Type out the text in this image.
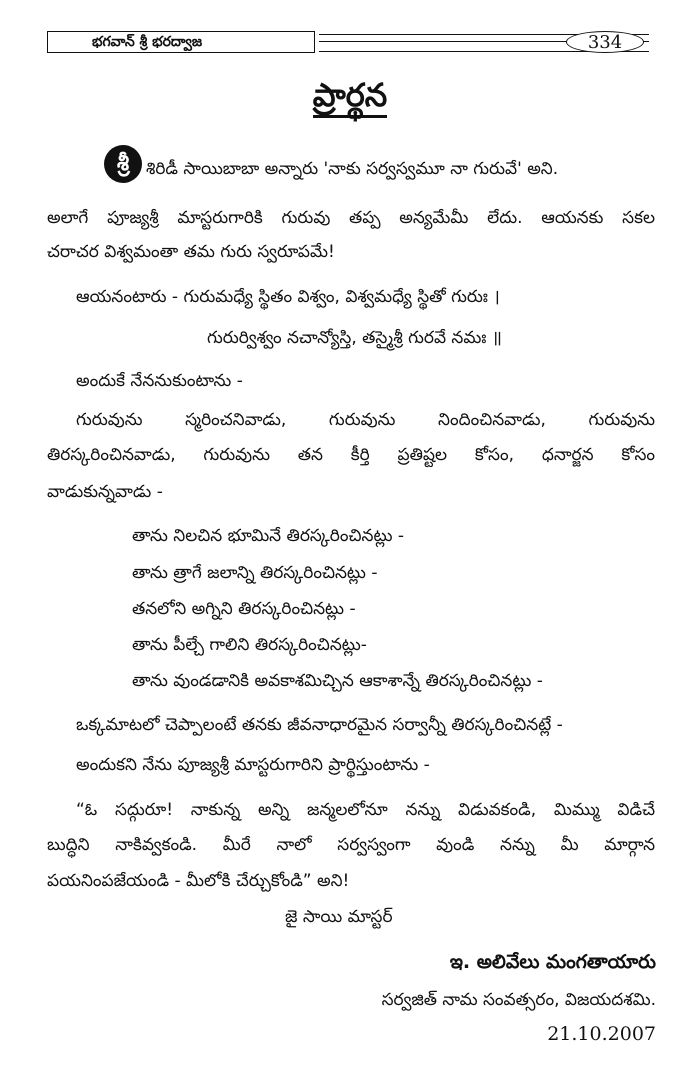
భగవాన్ శ్రీ భరద్వాజ	334
ప్రార్థన
శ్రీ శిరిడీ సాయిబాబా అన్నారు 'నాకు సర్వస్వమూ నా గురువే' అని.
అలాగే పూజ్యశ్రీ మాస్టరుగారికి గురువు తప్ప అన్యమేమీ లేదు. ఆయనకు సకల
చరాచర విశ్వమంతా తమ గురు స్వరూపమే!
ఆయనంటారు - గురుమధ్యే స్థితం విశ్వం, విశ్వమధ్యే స్థితో గురుః ।
గురుర్విశ్వం నచాన్యోస్తి, తస్మైశ్రీ గురవే నమః ॥
అందుకే నేననుకుంటాను -
గురువును స్మరించనివాడు, గురువును నిందించినవాడు, గురువును
తిరస్కరించినవాడు, గురువును తన కీర్తి ప్రతిష్టల కోసం, ధనార్జన కోసం
వాడుకున్నవాడు -
తాను నిలచిన భూమినే తిరస్కరించినట్లు -
తాను త్రాగే జలాన్ని తిరస్కరించినట్లు -
తనలోని అగ్నిని తిరస్కరించినట్లు -
తాను పీల్చే గాలిని తిరస్కరించినట్లు-
తాను వుండడానికి అవకాశమిచ్చిన ఆకాశాన్నే తిరస్కరించినట్లు -
ఒక్కమాటలో చెప్పాలంటే తనకు జీవనాధారమైన సర్వాన్నీ తిరస్కరించినట్లే -
అందుకని నేను పూజ్యశ్రీ మాస్టరుగారిని ప్రార్థిస్తుంటాను -
“ఓ సద్గురూ! నాకున్న అన్ని జన్మలలోనూ నన్ను విడువకండి, మిమ్ము విడిచే
బుద్ధిని నాకివ్వకండి. మీరే నాలో సర్వస్వంగా వుండి నన్ను మీ మార్గాన
పయనింపజేయండి - మీలోకి చేర్చుకోండి” అని!
జై సాయి మాస్టర్
ఇ. అలివేలు మంగతాయారు
సర్వజిత్ నామ సంవత్సరం, విజయదశమి.
21.10.2007
